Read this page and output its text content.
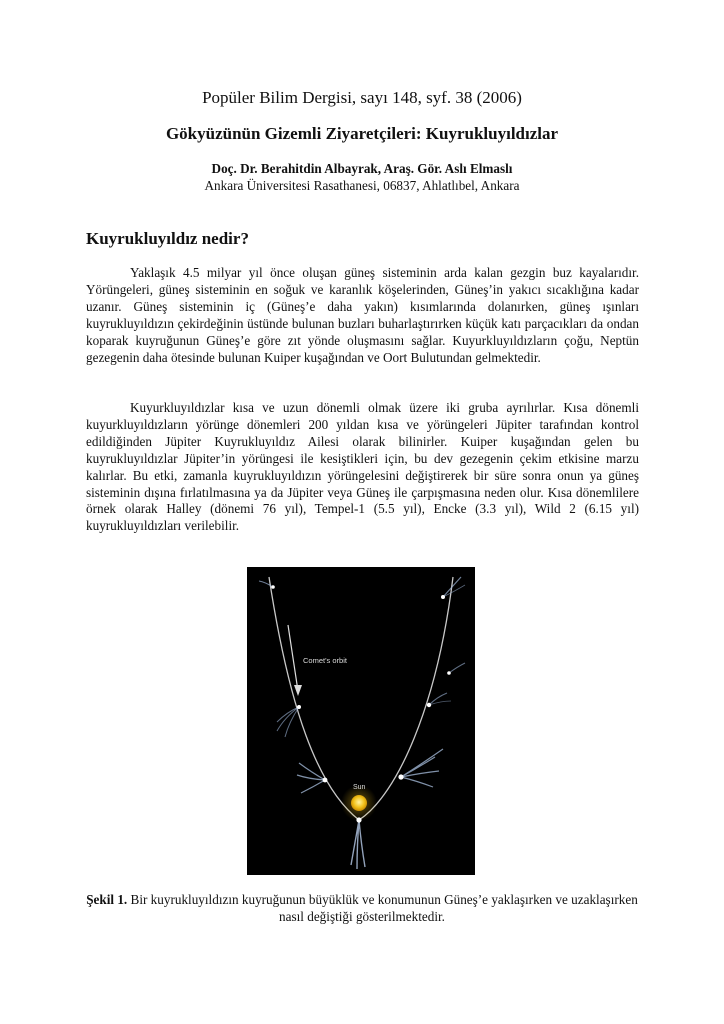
Popüler Bilim Dergisi, sayı 148, syf. 38 (2006)
Gökyüzünün Gizemli Ziyaretçileri: Kuyrukluyıldızlar
Doç. Dr. Berahitdin Albayrak, Araş. Gör. Aslı Elmaslı
Ankara Üniversitesi Rasathanesi, 06837, Ahlatlıbel, Ankara
Kuyrukluyıldız nedir?

Yaklaşık 4.5 milyar yıl önce oluşan güneş sisteminin arda kalan gezgin buz kayalarıdır. Yörüngeleri, güneş sisteminin en soğuk ve karanlık köşelerinden, Güneş’in yakıcı sıcaklığına kadar uzanır. Güneş sisteminin iç (Güneş’e daha yakın) kısımlarında dolanırken, güneş ışınları kuyrukluyıldızın çekirdeğinin üstünde bulunan buzları buharlaştırırken küçük katı parçacıkları da ondan koparak kuyruğunun Güneş’e göre zıt yönde oluşmasını sağlar. Kuyurkluyıldızların çoğu, Neptün gezegenin daha ötesinde bulunan Kuiper kuşağından ve Oort Bulutundan gelmektedir.

Kuyurkluyıldızlar kısa ve uzun dönemli olmak üzere iki gruba ayrılırlar. Kısa dönemli kuyurkluyıldızların yörünge dönemleri 200 yıldan kısa ve yörüngeleri Jüpiter tarafından kontrol edildiğinden Jüpiter Kuyrukluyıldız Ailesi olarak bilinirler. Kuiper kuşağından gelen bu kuyrukluyıldızlar Jüpiter’in yörüngesi ile kesiştikleri için, bu dev gezegenin çekim etkisine marzu kalırlar. Bu etki, zamanla kuyrukluyıldızın yörüngelesini değiştirerek bir süre sonra onun ya güneş sisteminin dışına fırlatılmasına ya da Jüpiter veya Güneş ile çarpışmasına neden olur. Kısa dönemlilere örnek olarak Halley (dönemi 76 yıl), Tempel-1 (5.5 yıl), Encke (3.3 yıl), Wild 2 (6.15 yıl) kuyrukluyıldızları verilebilir.

Comet's orbit
Sun
Şekil 1. Bir kuyrukluyıldızın kuyruğunun büyüklük ve konumunun Güneş’e yaklaşırken ve uzaklaşırken nasıl değiştiği gösterilmektedir.
